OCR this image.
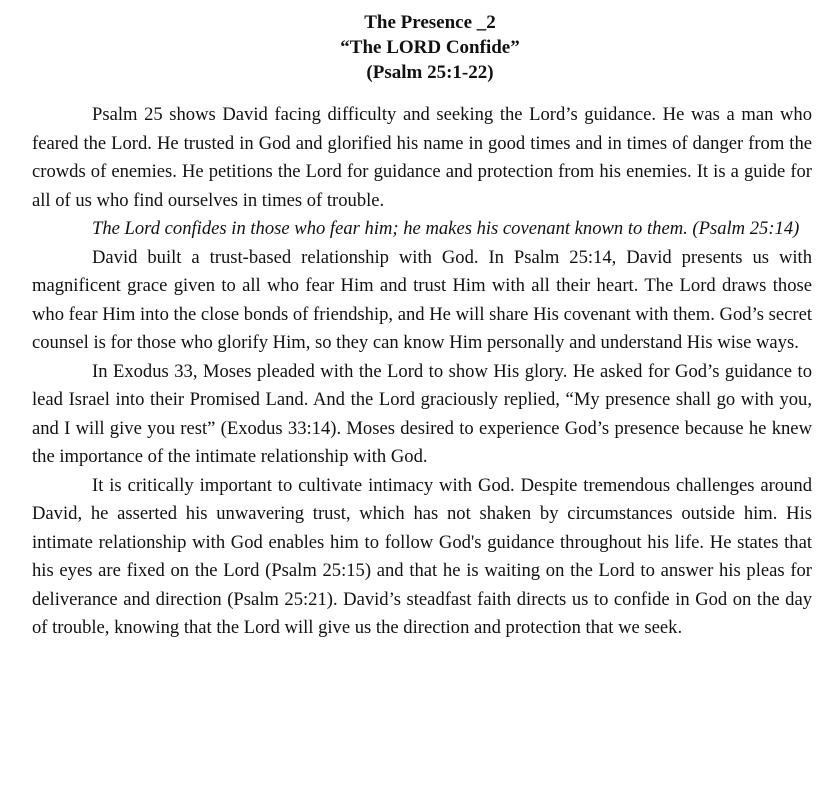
The Presence _2
“The LORD Confide”
(Psalm 25:1-22)

Psalm 25 shows David facing difficulty and seeking the Lord’s guidance. He was a man who feared the Lord. He trusted in God and glorified his name in good times and in times of danger from the crowds of enemies. He petitions the Lord for guidance and protection from his enemies. It is a guide for all of us who find ourselves in times of trouble.

The Lord confides in those who fear him; he makes his covenant known to them. (Psalm 25:14)

David built a trust-based relationship with God. In Psalm 25:14, David presents us with magnificent grace given to all who fear Him and trust Him with all their heart. The Lord draws those who fear Him into the close bonds of friendship, and He will share His covenant with them. God’s secret counsel is for those who glorify Him, so they can know Him personally and understand His wise ways.

In Exodus 33, Moses pleaded with the Lord to show His glory. He asked for God’s guidance to lead Israel into their Promised Land. And the Lord graciously replied, “My presence shall go with you, and I will give you rest” (Exodus 33:14). Moses desired to experience God’s presence because he knew the importance of the intimate relationship with God.

It is critically important to cultivate intimacy with God. Despite tremendous challenges around David, he asserted his unwavering trust, which has not shaken by circumstances outside him. His intimate relationship with God enables him to follow God's guidance throughout his life. He states that his eyes are fixed on the Lord (Psalm 25:15) and that he is waiting on the Lord to answer his pleas for deliverance and direction (Psalm 25:21). David’s steadfast faith directs us to confide in God on the day of trouble, knowing that the Lord will give us the direction and protection that we seek.
